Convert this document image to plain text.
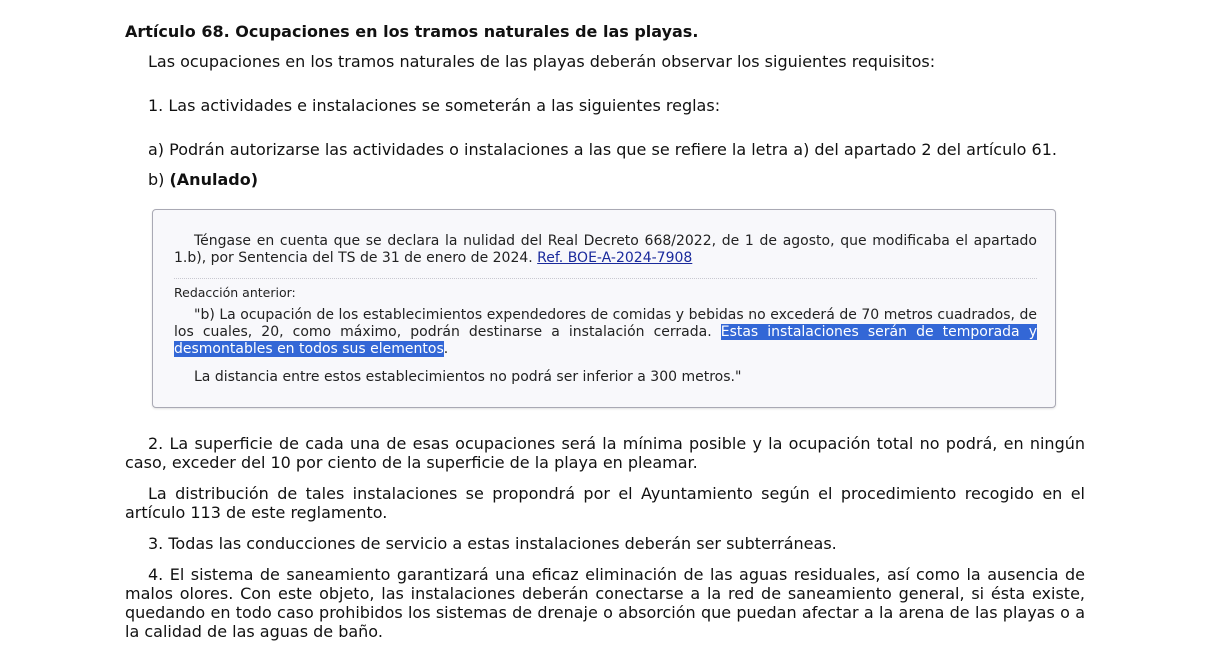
Artículo 68. Ocupaciones en los tramos naturales de las playas.

Las ocupaciones en los tramos naturales de las playas deberán observar los siguientes requisitos:

1. Las actividades e instalaciones se someterán a las siguientes reglas:

a) Podrán autorizarse las actividades o instalaciones a las que se refiere la letra a) del apartado 2 del artículo 61.

b) (Anulado)

Téngase en cuenta que se declara la nulidad del Real Decreto 668/2022, de 1 de agosto, que modificaba el apartado 1.b), por Sentencia del TS de 31 de enero de 2024. Ref. BOE-A-2024-7908

Redacción anterior:

"b) La ocupación de los establecimientos expendedores de comidas y bebidas no excederá de 70 metros cuadrados, de los cuales, 20, como máximo, podrán destinarse a instalación cerrada. Estas instalaciones serán de temporada y desmontables en todos sus elementos.

La distancia entre estos establecimientos no podrá ser inferior a 300 metros."

2. La superficie de cada una de esas ocupaciones será la mínima posible y la ocupación total no podrá, en ningún caso, exceder del 10 por ciento de la superficie de la playa en pleamar.

La distribución de tales instalaciones se propondrá por el Ayuntamiento según el procedimiento recogido en el artículo 113 de este reglamento.

3. Todas las conducciones de servicio a estas instalaciones deberán ser subterráneas.

4. El sistema de saneamiento garantizará una eficaz eliminación de las aguas residuales, así como la ausencia de malos olores. Con este objeto, las instalaciones deberán conectarse a la red de saneamiento general, si ésta existe, quedando en todo caso prohibidos los sistemas de drenaje o absorción que puedan afectar a la arena de las playas o a la calidad de las aguas de baño.
